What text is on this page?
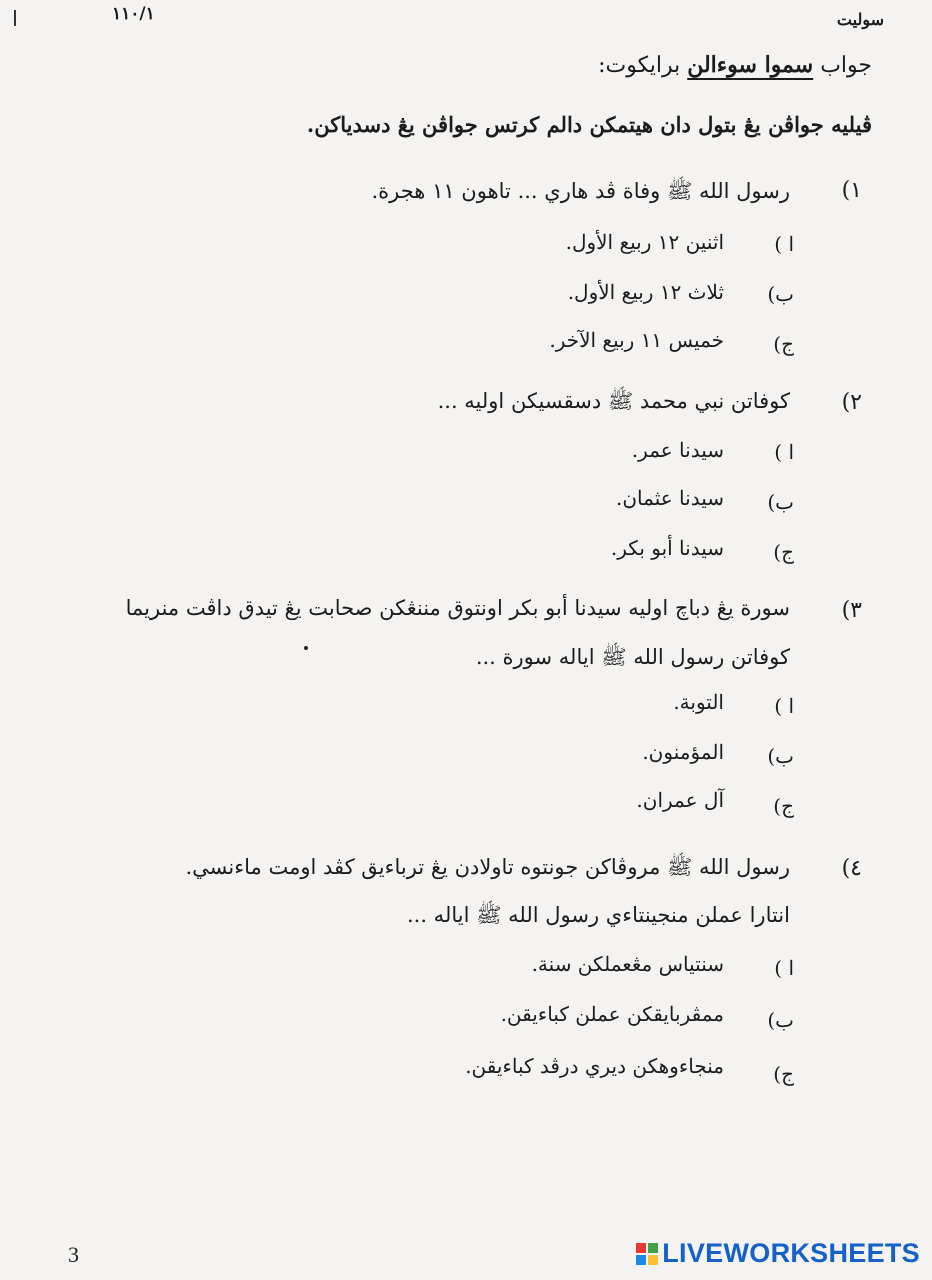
١١٠/١	سوليت
جواب سموا سوءالن برايكوت:
ڤيليه جواڤن يڠ بتول دان هيتمكن دالم كرتس جواڤن يڠ دسدياكن.
١)
رسول الله ﷺ وفاة ڤد هاري ... تاهون ١١ هجرة.
ا )
اثنين ١٢ ربيع الأول.
ب)
ثلاث ١٢ ربيع الأول.
ج)
خميس ١١ ربيع الآخر.
٢)
كوفاتن نبي محمد ﷺ دسقسيكن اوليه ...
ا )
سيدنا عمر.
ب)
سيدنا عثمان.
ج)
سيدنا أبو بكر.
٣)
سورة يڠ دباچ اوليه سيدنا أبو بكر اونتوق مننڠكن صحابت يڠ تيدق داڤت منريما
كوفاتن رسول الله ﷺ اياله سورة ...
ا )
التوبة.
ب)
المؤمنون.
ج)
آل عمران.
٤)
رسول الله ﷺ مروڤاكن جونتوه تاولادن يڠ ترباءيق كڤد اومت ماءنسي.
انتارا عملن منجينتاءي رسول الله ﷺ اياله ...
ا )
سنتياس مڠعملكن سنة.
ب)
ممڤربايقكن عملن كباءيقن.
ج)
منجاءوهكن ديري درڤد كباءيقن.
3	LIVEWORKSHEETS
